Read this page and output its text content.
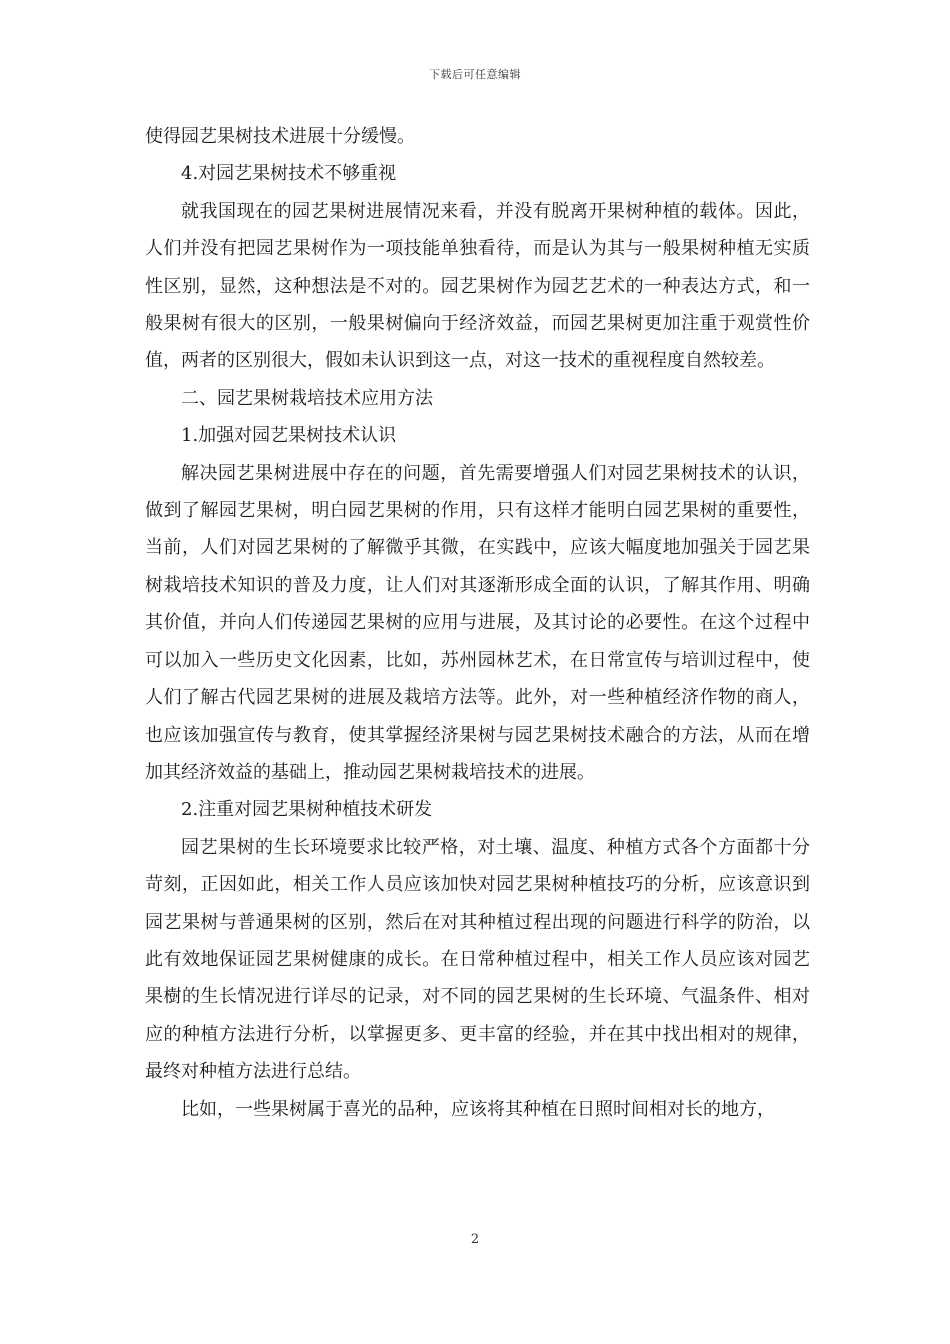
下载后可任意编辑

使得园艺果树技术进展十分缓慢。

4.对园艺果树技术不够重视

就我国现在的园艺果树进展情况来看，并没有脱离开果树种植的载体。因此，人们并没有把园艺果树作为一项技能单独看待，而是认为其与一般果树种植无实质性区别，显然，这种想法是不对的。园艺果树作为园艺艺术的一种表达方式，和一般果树有很大的区别，一般果树偏向于经济效益，而园艺果树更加注重于观赏性价值，两者的区别很大，假如未认识到这一点，对这一技术的重视程度自然较差。

二、园艺果树栽培技术应用方法

1.加强对园艺果树技术认识

解决园艺果树进展中存在的问题，首先需要增强人们对园艺果树技术的认识，做到了解园艺果树，明白园艺果树的作用，只有这样才能明白园艺果树的重要性，当前，人们对园艺果树的了解微乎其微，在实践中，应该大幅度地加强关于园艺果树栽培技术知识的普及力度，让人们对其逐渐形成全面的认识，了解其作用、明确其价值，并向人们传递园艺果树的应用与进展，及其讨论的必要性。在这个过程中可以加入一些历史文化因素，比如，苏州园林艺术，在日常宣传与培训过程中，使人们了解古代园艺果树的进展及栽培方法等。此外，对一些种植经济作物的商人，也应该加强宣传与教育，使其掌握经济果树与园艺果树技术融合的方法，从而在增加其经济效益的基础上，推动园艺果树栽培技术的进展。

2.注重对园艺果树种植技术研发

园艺果树的生长环境要求比较严格，对土壤、温度、种植方式各个方面都十分苛刻，正因如此，相关工作人员应该加快对园艺果树种植技巧的分析，应该意识到园艺果树与普通果树的区别，然后在对其种植过程出现的问题进行科学的防治，以此有效地保证园艺果树健康的成长。在日常种植过程中，相关工作人员应该对园艺果樹的生长情况进行详尽的记录，对不同的园艺果树的生长环境、气温条件、相对应的种植方法进行分析，以掌握更多、更丰富的经验，并在其中找出相对的规律，最终对种植方法进行总结。

比如，一些果树属于喜光的品种，应该将其种植在日照时间相对长的地方，

2
